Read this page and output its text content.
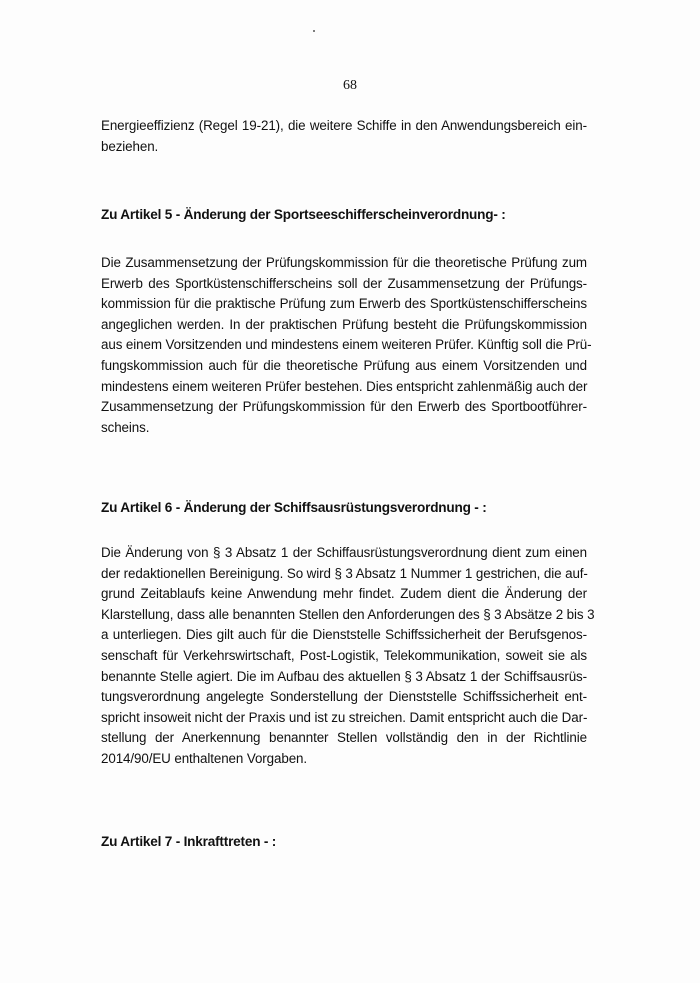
68
Energieeffizienz (Regel 19-21), die weitere Schiffe in den Anwendungsbereich ein-
beziehen.
Zu Artikel 5 - Änderung der Sportseeschifferscheinverordnung- :
Die Zusammensetzung der Prüfungskommission für die theoretische Prüfung zum
Erwerb des Sportküstenschifferscheins soll der Zusammensetzung der Prüfungs-
kommission für die praktische Prüfung zum Erwerb des Sportküstenschifferscheins
angeglichen werden. In der praktischen Prüfung besteht die Prüfungskommission
aus einem Vorsitzenden und mindestens einem weiteren Prüfer. Künftig soll die Prü-
fungskommission auch für die theoretische Prüfung aus einem Vorsitzenden und
mindestens einem weiteren Prüfer bestehen. Dies entspricht zahlenmäßig auch der
Zusammensetzung der Prüfungskommission für den Erwerb des Sportbootführer-
scheins.
Zu Artikel 6 - Änderung der Schiffsausrüstungsverordnung - :
Die Änderung von § 3 Absatz 1 der Schiffausrüstungsverordnung dient zum einen
der redaktionellen Bereinigung. So wird § 3 Absatz 1 Nummer 1 gestrichen, die auf-
grund Zeitablaufs keine Anwendung mehr findet. Zudem dient die Änderung der
Klarstellung, dass alle benannten Stellen den Anforderungen des § 3 Absätze 2 bis 3
a unterliegen. Dies gilt auch für die Dienststelle Schiffssicherheit der Berufsgenos-
senschaft für Verkehrswirtschaft, Post-Logistik, Telekommunikation, soweit sie als
benannte Stelle agiert. Die im Aufbau des aktuellen § 3 Absatz 1 der Schiffsausrüs-
tungsverordnung angelegte Sonderstellung der Dienststelle Schiffssicherheit ent-
spricht insoweit nicht der Praxis und ist zu streichen. Damit entspricht auch die Dar-
stellung der Anerkennung benannter Stellen vollständig den in der Richtlinie
2014/90/EU enthaltenen Vorgaben.
Zu Artikel 7 - Inkrafttreten - :
